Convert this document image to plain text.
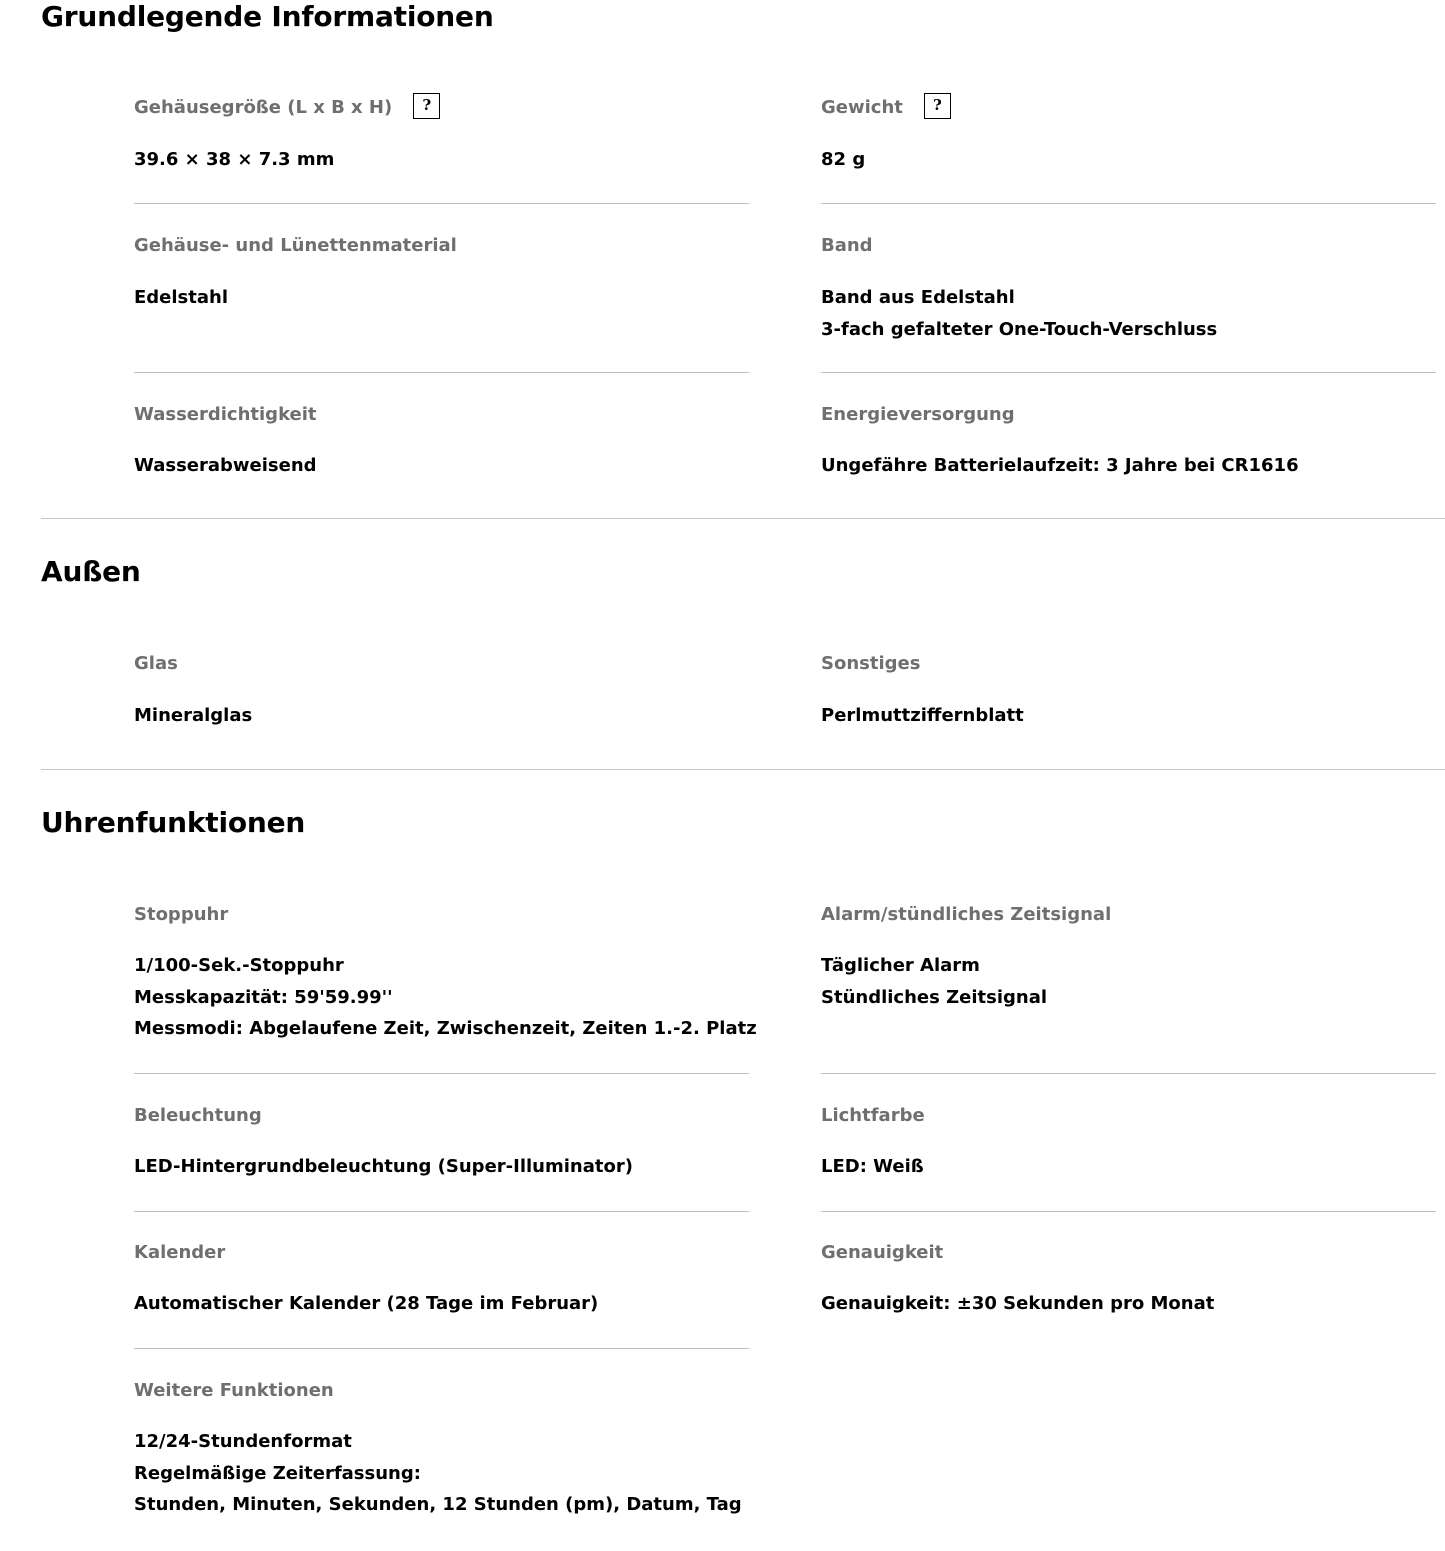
Grundlegende Informationen
Gehäusegröße (L x B x H)	?
39.6 × 38 × 7.3 mm
Gewicht	?
82 g
Gehäuse- und Lünettenmaterial
Edelstahl
Band
Band aus Edelstahl
3-fach gefalteter One-Touch-Verschluss
Wasserdichtigkeit
Wasserabweisend
Energieversorgung
Ungefähre Batterielaufzeit: 3 Jahre bei CR1616
Außen
Glas
Mineralglas
Sonstiges
Perlmuttziffernblatt
Uhrenfunktionen
Stoppuhr
1/100-Sek.-Stoppuhr
Messkapazität: 59'59.99''
Messmodi: Abgelaufene Zeit, Zwischenzeit, Zeiten 1.-2. Platz
Alarm/stündliches Zeitsignal
Täglicher Alarm
Stündliches Zeitsignal
Beleuchtung
LED-Hintergrundbeleuchtung (Super-Illuminator)
Lichtfarbe
LED: Weiß
Kalender
Automatischer Kalender (28 Tage im Februar)
Genauigkeit
Genauigkeit: ±30 Sekunden pro Monat
Weitere Funktionen
12/24-Stundenformat
Regelmäßige Zeiterfassung:
Stunden, Minuten, Sekunden, 12 Stunden (pm), Datum, Tag
